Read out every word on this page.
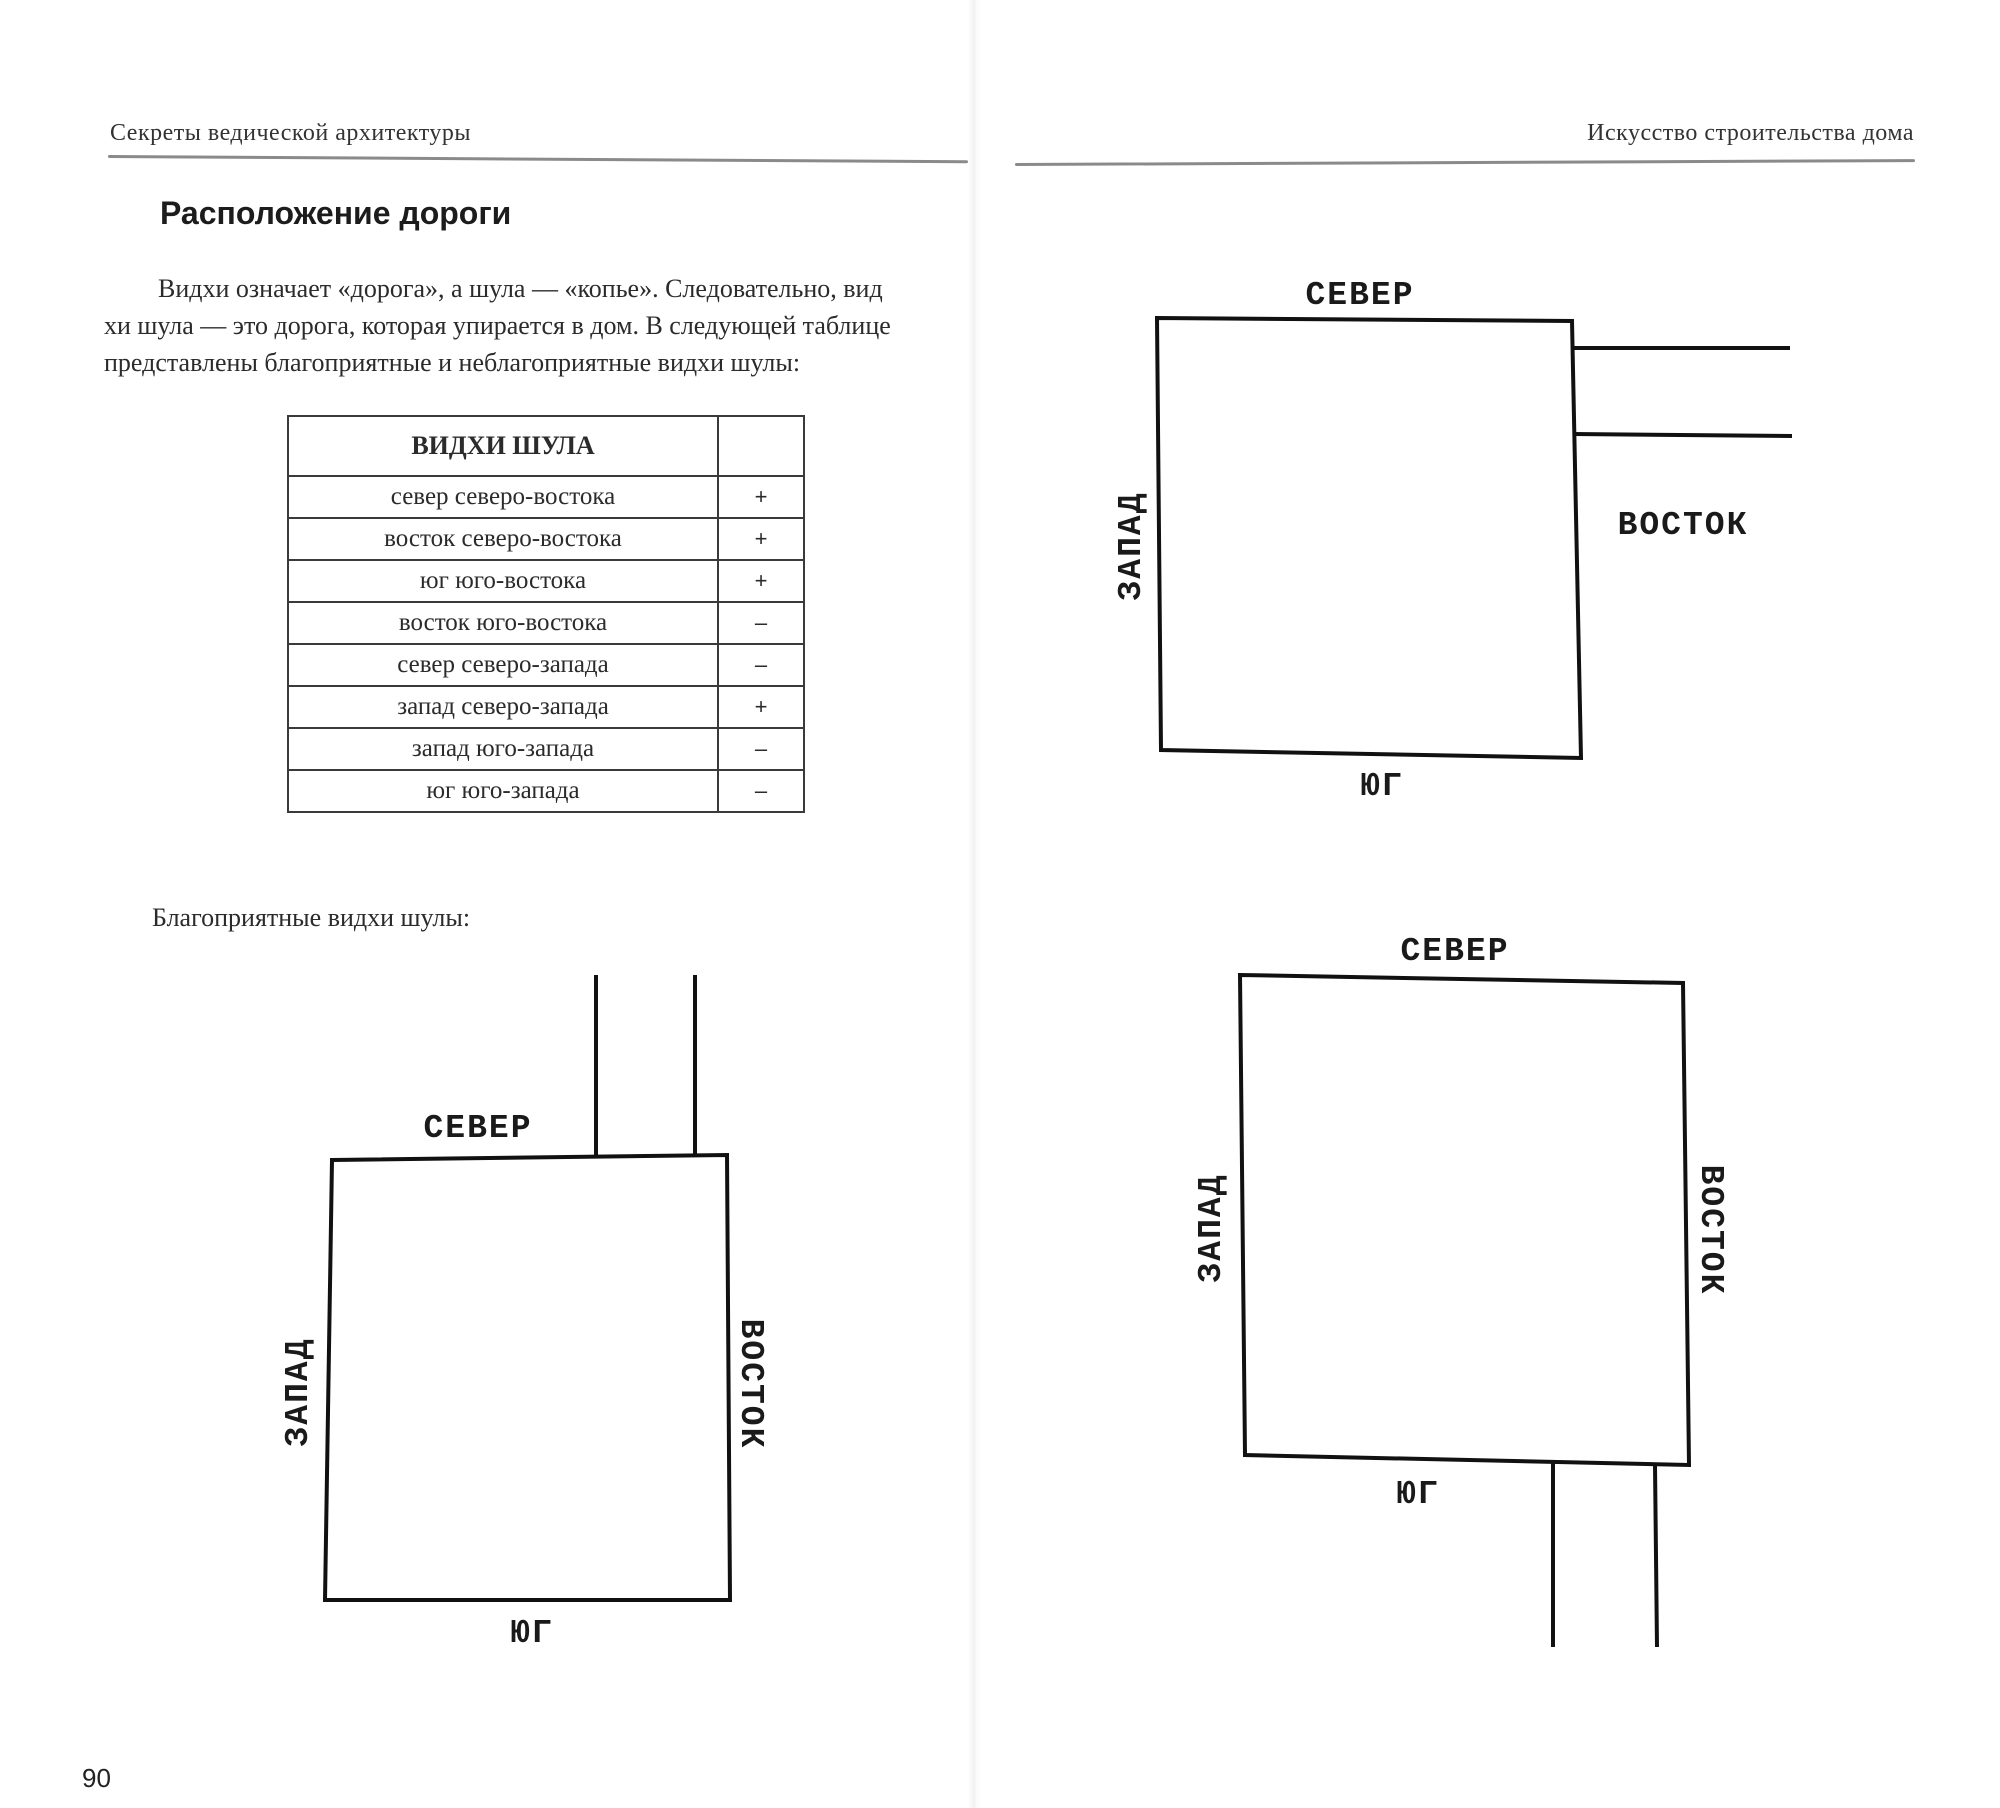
Секреты ведической архитектуры	Искусство строительства дома
Расположение дороги
Видхи означает «дорога», а шула — «копье». Следовательно, вид
хи шула — это дорога, которая упирается в дом. В следующей таблице
представлены благоприятные и неблагоприятные видхи шулы:
ВИДХИ ШУЛА	
север северо-востока	+
восток северо-востока	+
юг юго-востока	+
восток юго-востока	–
север северо-запада	–
запад северо-запада	+
запад юго-запада	–
юг юго-запада	–
Благоприятные видхи шулы:
СЕВЕР
ЮГ
ЗАПАД	ВОСТОК
СЕВЕР
ЮГ
ЗАПАД	ВОСТОК
СЕВЕР
ЮГ
ЗАПАД	ВОСТОК
90
